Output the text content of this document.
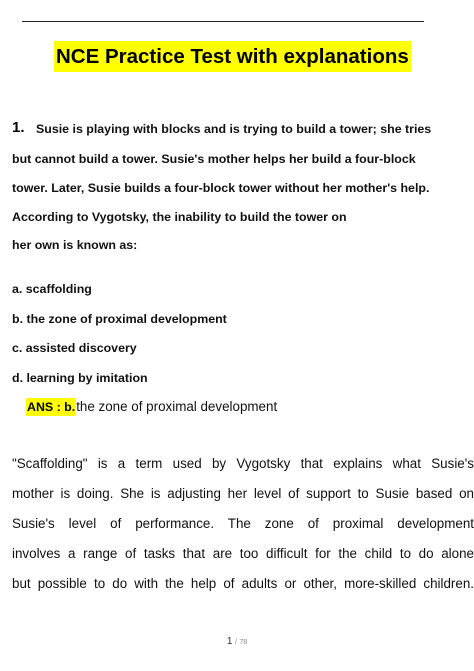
NCE Practice Test with explanations
1. Susie is playing with blocks and is trying to build a tower; she tries
but cannot build a tower. Susie's mother helps her build a four-block
tower. Later, Susie builds a four-block tower without her mother's help.
According to Vygotsky, the inability to build the tower on
her own is known as:
a. scaffolding
b. the zone of proximal development
c. assisted discovery
d. learning by imitation
ANS : b.the zone of proximal development
"Scaffolding" is a term used by Vygotsky that explains what Susie's
mother is doing. She is adjusting her level of support to Susie based on
Susie's level of performance. The zone of proximal development
involves a range of tasks that are too difficult for the child to do alone
but possible to do with the help of adults or other, more-skilled children.
1 / 78
